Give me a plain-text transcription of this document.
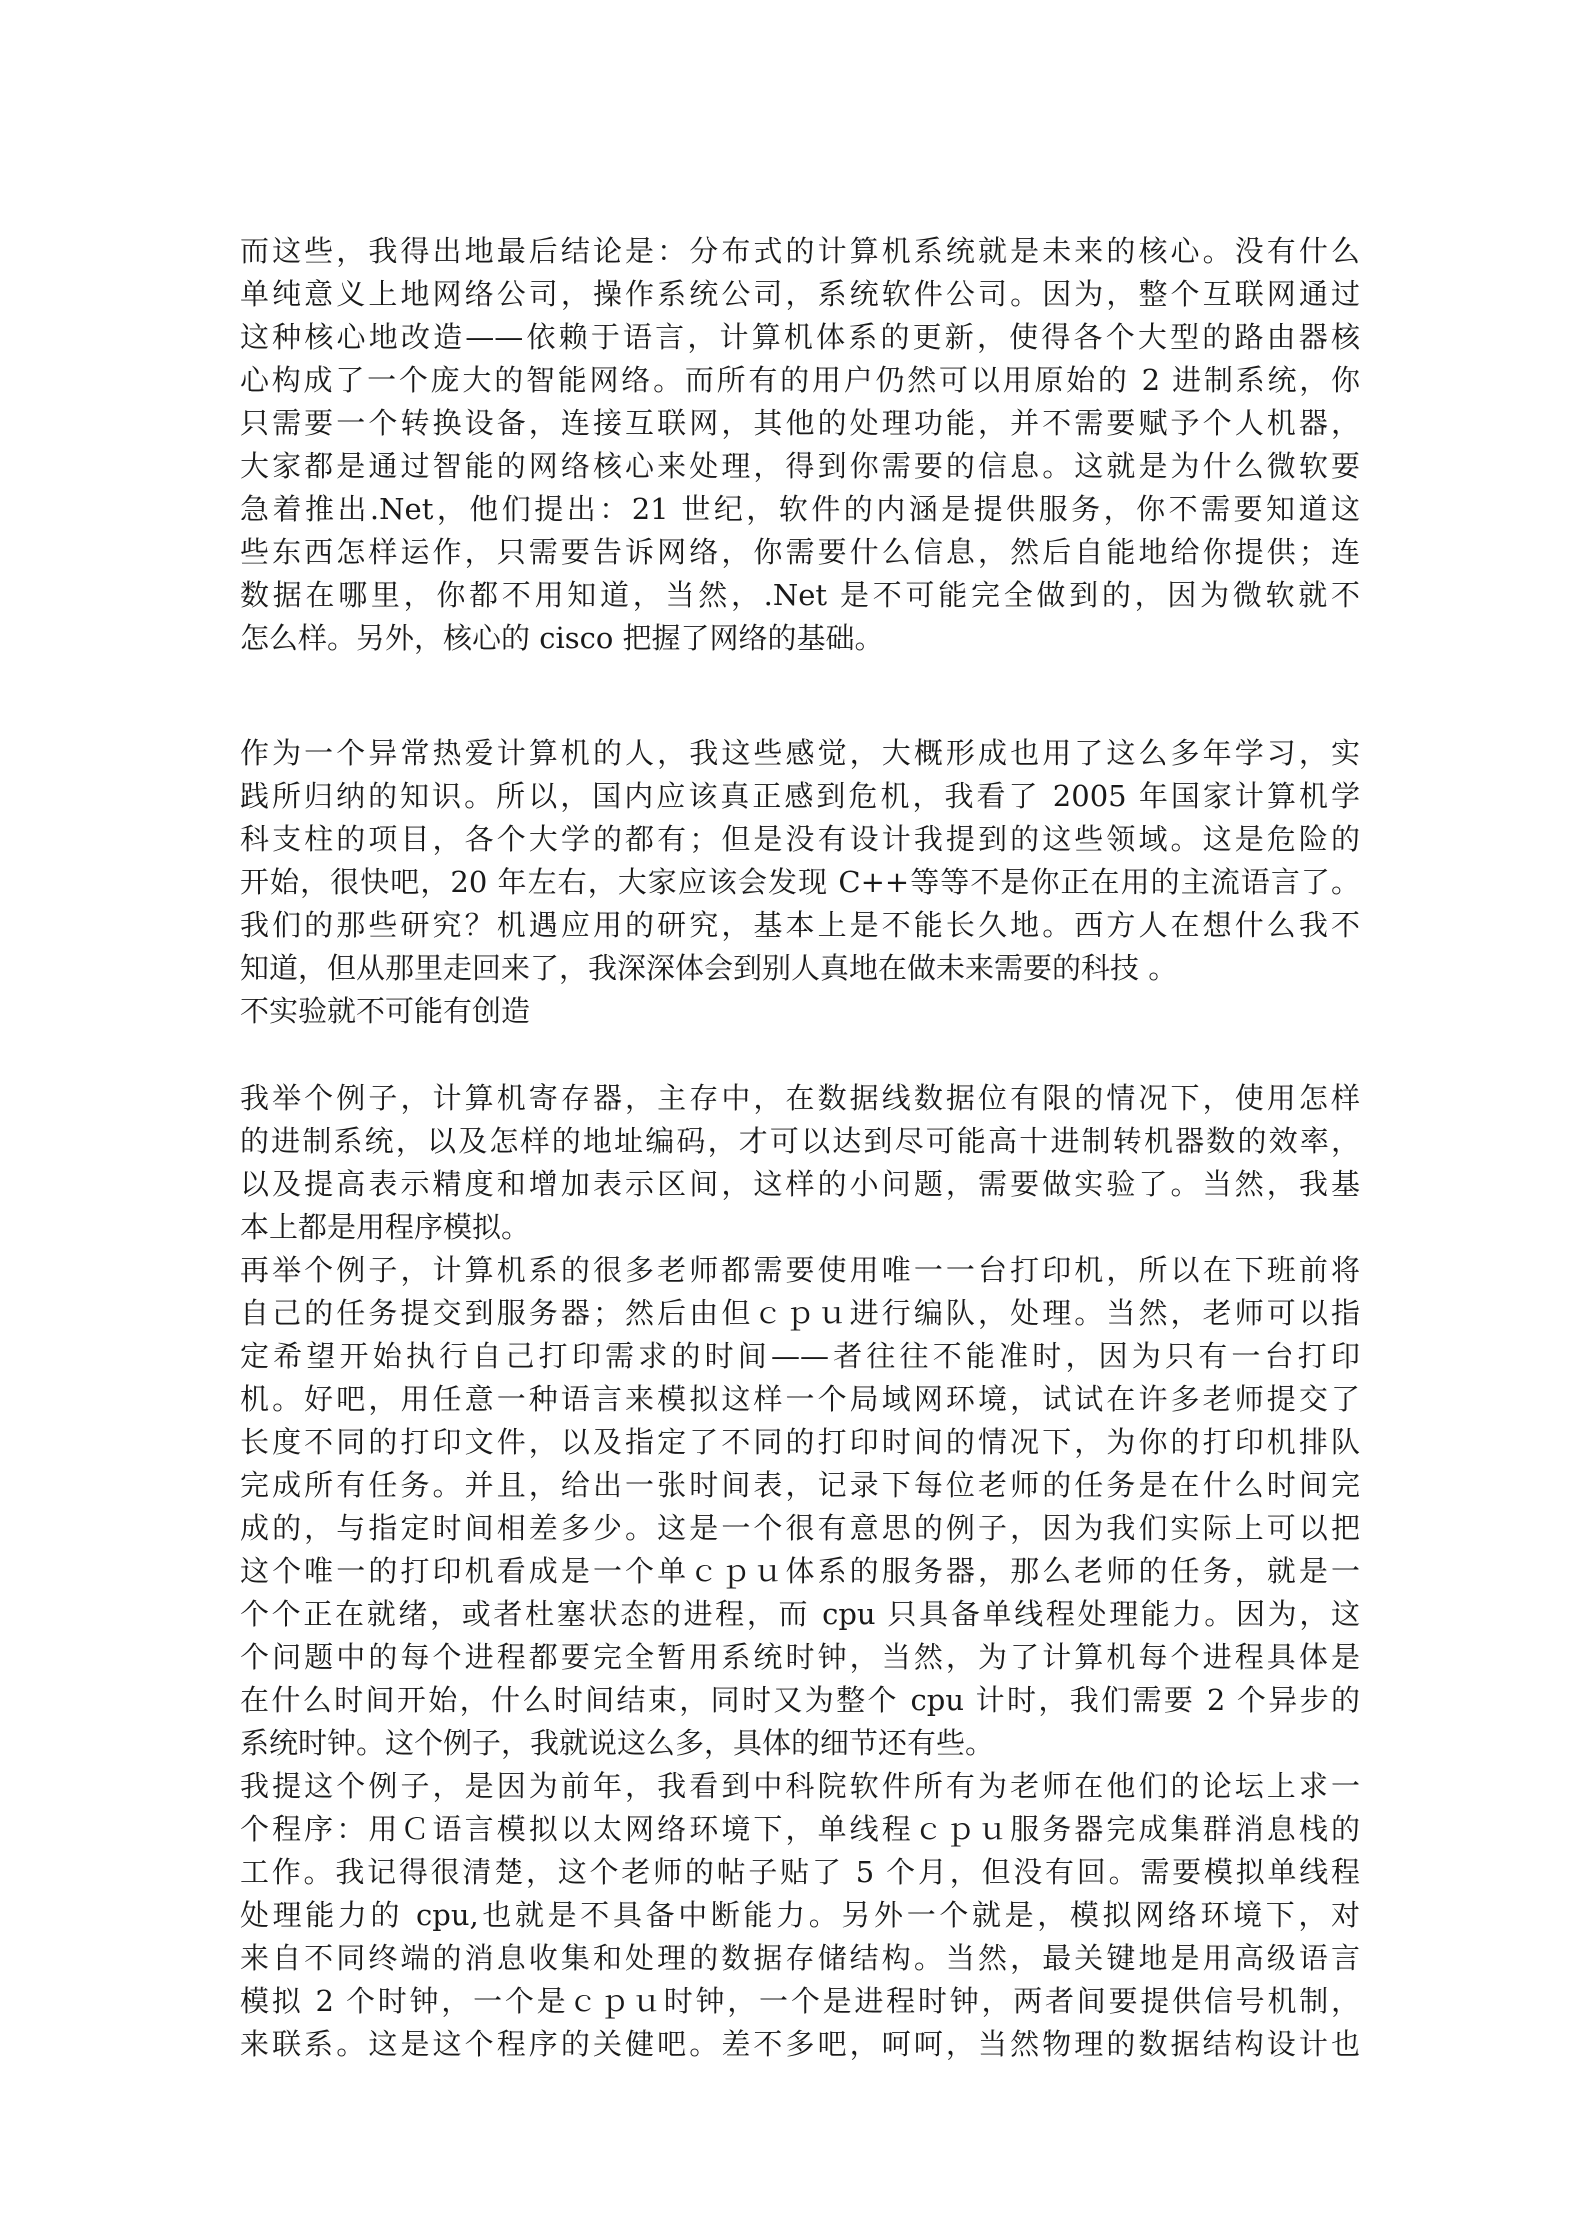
而这些，我得出地最后结论是：分布式的计算机系统就是未来的核心。没有什么
单纯意义上地网络公司，操作系统公司，系统软件公司。因为，整个互联网通过
这种核心地改造——依赖于语言，计算机体系的更新，使得各个大型的路由器核
心构成了一个庞大的智能网络。而所有的用户仍然可以用原始的 2 进制系统，你
只需要一个转换设备，连接互联网，其他的处理功能，并不需要赋予个人机器，
大家都是通过智能的网络核心来处理，得到你需要的信息。这就是为什么微软要
急着推出.Net，他们提出：21 世纪，软件的内涵是提供服务，你不需要知道这
些东西怎样运作，只需要告诉网络，你需要什么信息，然后自能地给你提供；连
数据在哪里，你都不用知道，当然，.Net 是不可能完全做到的，因为微软就不
怎么样。另外，核心的 cisco 把握了网络的基础。
作为一个异常热爱计算机的人，我这些感觉，大概形成也用了这么多年学习，实
践所归纳的知识。所以，国内应该真正感到危机，我看了 2005 年国家计算机学
科支柱的项目，各个大学的都有；但是没有设计我提到的这些领域。这是危险的
开始，很快吧，20 年左右，大家应该会发现 C++等等不是你正在用的主流语言了。
我们的那些研究？机遇应用的研究，基本上是不能长久地。西方人在想什么我不
知道，但从那里走回来了，我深深体会到别人真地在做未来需要的科技 。
不实验就不可能有创造
我举个例子，计算机寄存器，主存中，在数据线数据位有限的情况下，使用怎样
的进制系统，以及怎样的地址编码，才可以达到尽可能高十进制转机器数的效率，
以及提高表示精度和增加表示区间，这样的小问题，需要做实验了。当然，我基
本上都是用程序模拟。
再举个例子，计算机系的很多老师都需要使用唯一一台打印机，所以在下班前将
自己的任务提交到服务器；然后由但ｃｐｕ进行编队，处理。当然，老师可以指
定希望开始执行自己打印需求的时间——者往往不能准时，因为只有一台打印
机。好吧，用任意一种语言来模拟这样一个局域网环境，试试在许多老师提交了
长度不同的打印文件，以及指定了不同的打印时间的情况下，为你的打印机排队
完成所有任务。并且，给出一张时间表，记录下每位老师的任务是在什么时间完
成的，与指定时间相差多少。这是一个很有意思的例子，因为我们实际上可以把
这个唯一的打印机看成是一个单ｃｐｕ体系的服务器，那么老师的任务，就是一
个个正在就绪，或者杜塞状态的进程，而 cpu 只具备单线程处理能力。因为，这
个问题中的每个进程都要完全暂用系统时钟，当然，为了计算机每个进程具体是
在什么时间开始，什么时间结束，同时又为整个 cpu 计时，我们需要 2 个异步的
系统时钟。这个例子，我就说这么多，具体的细节还有些。
我提这个例子，是因为前年，我看到中科院软件所有为老师在他们的论坛上求一
个程序：用Ｃ语言模拟以太网络环境下，单线程ｃｐｕ服务器完成集群消息栈的
工作。我记得很清楚，这个老师的帖子贴了 5 个月，但没有回。需要模拟单线程
处理能力的 cpu,也就是不具备中断能力。另外一个就是，模拟网络环境下，对
来自不同终端的消息收集和处理的数据存储结构。当然，最关键地是用高级语言
模拟 2 个时钟，一个是ｃｐｕ时钟，一个是进程时钟，两者间要提供信号机制，
来联系。这是这个程序的关健吧。差不多吧，呵呵，当然物理的数据结构设计也
